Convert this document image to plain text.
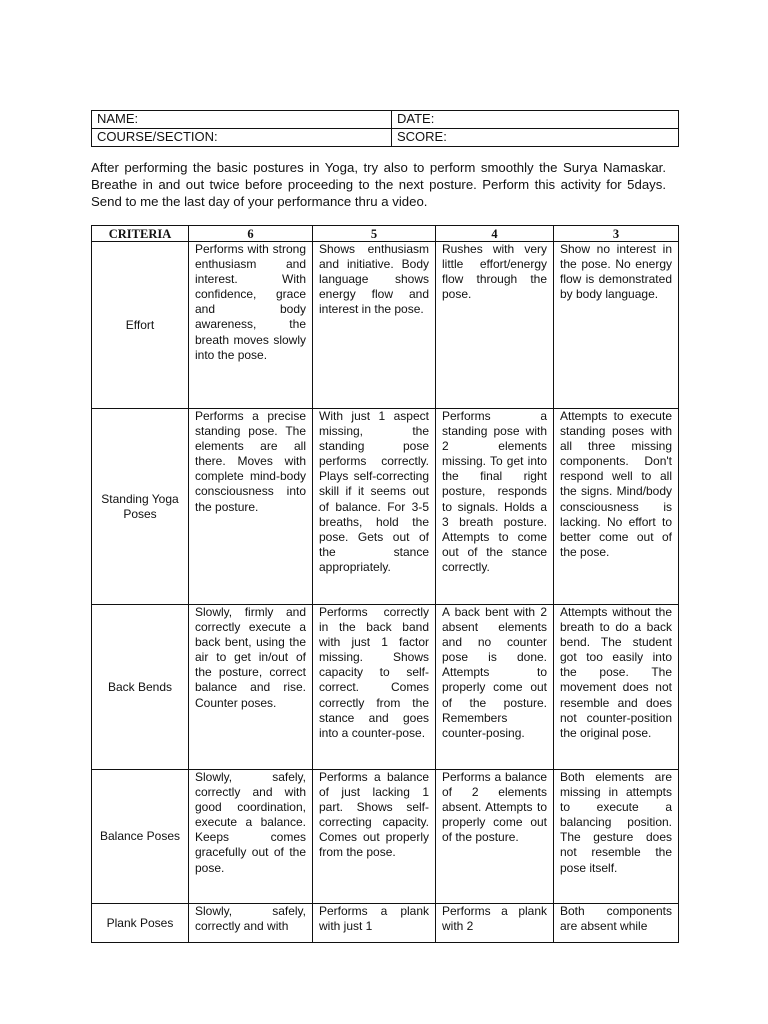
NAME:	DATE:
COURSE/SECTION:	SCORE:

After performing the basic postures in Yoga, try also to perform smoothly the Surya Namaskar. Breathe in and out twice before proceeding to the next posture. Perform this activity for 5days. Send to me the last day of your performance thru a video.

CRITERIA	6	5	4	3
Effort	Performs with strong enthusiasm and interest. With confidence, grace and body awareness, the breath moves slowly into the pose.	Shows enthusiasm and initiative. Body language shows energy flow and interest in the pose.	Rushes with very little effort/energy flow through the pose.	Show no interest in the pose. No energy flow is demonstrated by body language.
Standing Yoga Poses	Performs a precise standing pose. The elements are all there. Moves with complete mind-body consciousness into the posture.	With just 1 aspect missing, the standing pose performs correctly. Plays self-correcting skill if it seems out of balance. For 3-5 breaths, hold the pose. Gets out of the stance appropriately.	Performs a standing pose with 2 elements missing. To get into the final right posture, responds to signals. Holds a 3 breath posture. Attempts to come out of the stance correctly.	Attempts to execute standing poses with all three missing components. Don't respond well to all the signs. Mind/body consciousness is lacking. No effort to better come out of the pose.
Back Bends	Slowly, firmly and correctly execute a back bent, using the air to get in/out of the posture, correct balance and rise. Counter poses.	Performs correctly in the back band with just 1 factor missing. Shows capacity to self-correct. Comes correctly from the stance and goes into a counter-pose.	A back bent with 2 absent elements and no counter pose is done. Attempts to properly come out of the posture. Remembers counter-posing.	Attempts without the breath to do a back bend. The student got too easily into the pose. The movement does not resemble and does not counter-position the original pose.
Balance Poses	Slowly, safely, correctly and with good coordination, execute a balance. Keeps comes gracefully out of the pose.	Performs a balance of just lacking 1 part. Shows self-correcting capacity. Comes out properly from the pose.	Performs a balance of 2 elements absent. Attempts to properly come out of the posture.	Both elements are missing in attempts to execute a balancing position. The gesture does not resemble the pose itself.
Plank Poses	Slowly, safely, correctly and with	Performs a plank with just 1	Performs a plank with 2	Both components are absent while
